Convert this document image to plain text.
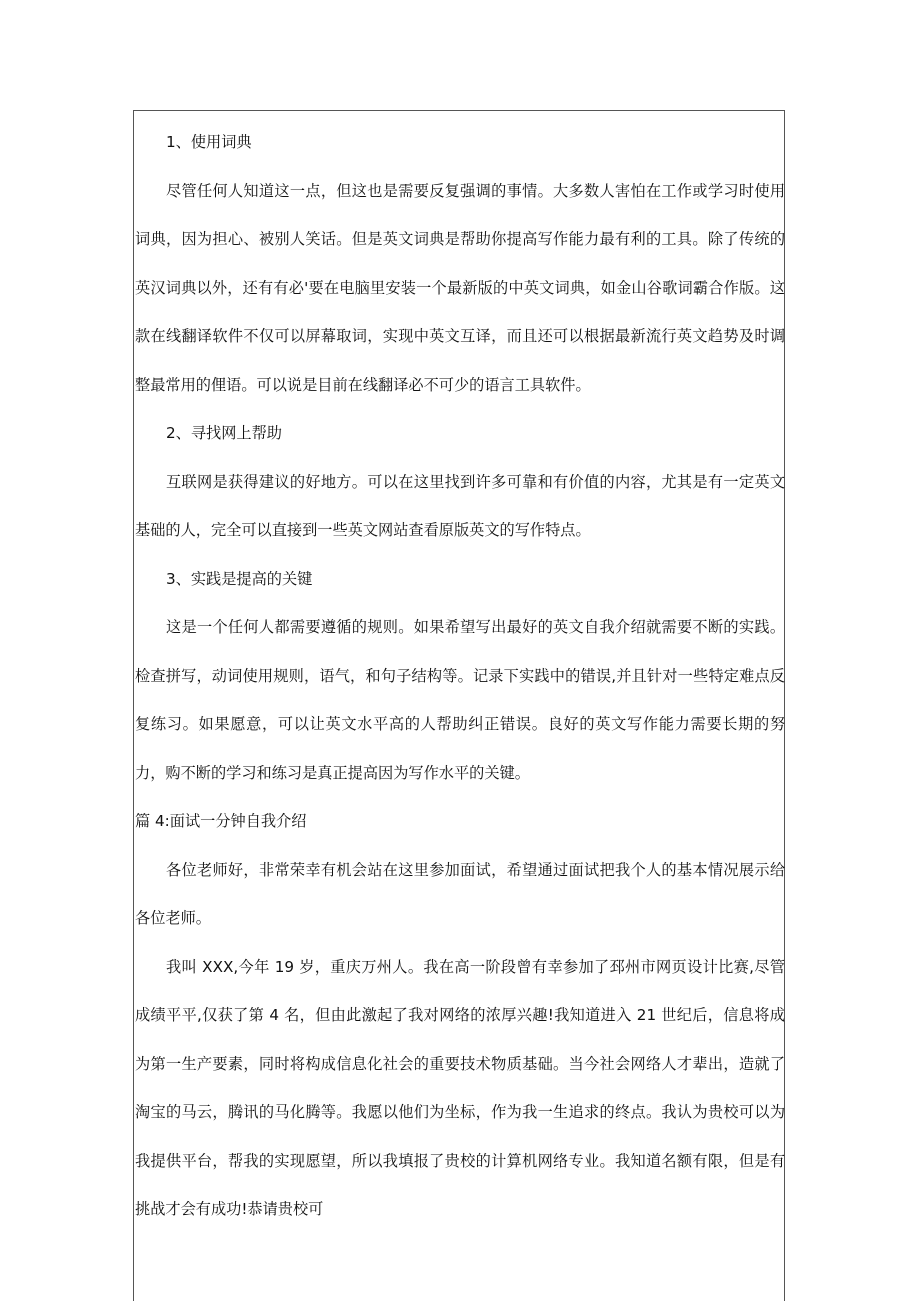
1、使用词典

尽管任何人知道这一点，但这也是需要反复强调的事情。大多数人害怕在工作或学习时使用词典，因为担心、被别人笑话。但是英文词典是帮助你提高写作能力最有利的工具。除了传统的英汉词典以外，还有有必'要在电脑里安装一个最新版的中英文词典，如金山谷歌词霸合作版。这款在线翻译软件不仅可以屏幕取词，实现中英文互译，而且还可以根据最新流行英文趋势及时调整最常用的俚语。可以说是目前在线翻译必不可少的语言工具软件。

2、寻找网上帮助

互联网是获得建议的好地方。可以在这里找到许多可靠和有价值的内容，尤其是有一定英文基础的人，完全可以直接到一些英文网站查看原版英文的写作特点。

3、实践是提高的关键

这是一个任何人都需要遵循的规则。如果希望写出最好的英文自我介绍就需要不断的实践。检查拼写，动词使用规则，语气，和句子结构等。记录下实践中的错误,并且针对一些特定难点反复练习。如果愿意，可以让英文水平高的人帮助纠正错误。良好的英文写作能力需要长期的努力，购不断的学习和练习是真正提高因为写作水平的关键。

篇 4:面试一分钟自我介绍

各位老师好，非常荣幸有机会站在这里参加面试，希望通过面试把我个人的基本情况展示给各位老师。

我叫 XXX,今年 19 岁，重庆万州人。我在高一阶段曾有幸参加了邳州市网页设计比赛,尽管成绩平平,仅获了第 4 名，但由此激起了我对网络的浓厚兴趣!我知道进入 21 世纪后，信息将成为第一生产要素，同时将构成信息化社会的重要技术物质基础。当今社会网络人才辈出，造就了淘宝的马云，腾讯的马化腾等。我愿以他们为坐标，作为我一生追求的终点。我认为贵校可以为我提供平台，帮我的实现愿望，所以我填报了贵校的计算机网络专业。我知道名额有限，但是有挑战才会有成功!恭请贵校可
